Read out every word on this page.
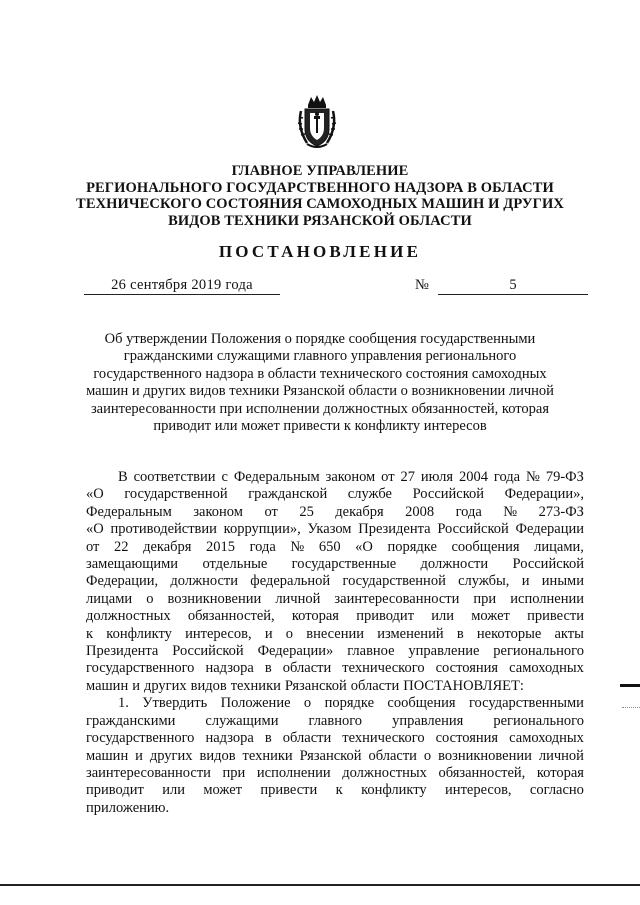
ГЛАВНОЕ УПРАВЛЕНИЕ
РЕГИОНАЛЬНОГО ГОСУДАРСТВЕННОГО НАДЗОРА В ОБЛАСТИ
ТЕХНИЧЕСКОГО СОСТОЯНИЯ САМОХОДНЫХ МАШИН И ДРУГИХ
ВИДОВ ТЕХНИКИ РЯЗАНСКОЙ ОБЛАСТИ
ПОСТАНОВЛЕНИЕ
26 сентября 2019 года	№	5
Об утверждении Положения о порядке сообщения государственными
гражданскими служащими главного управления регионального
государственного надзора в области технического состояния самоходных
машин и других видов техники Рязанской области о возникновении личной
заинтересованности при исполнении должностных обязанностей, которая
приводит или может привести к конфликту интересов
В соответствии с Федеральным законом от 27 июля 2004 года № 79-ФЗ
«О государственной гражданской службе Российской Федерации»,
Федеральным законом от 25 декабря 2008 года № 273-ФЗ
«О противодействии коррупции», Указом Президента Российской Федерации
от 22 декабря 2015 года № 650 «О порядке сообщения лицами,
замещающими отдельные государственные должности Российской
Федерации, должности федеральной государственной службы, и иными
лицами о возникновении личной заинтересованности при исполнении
должностных обязанностей, которая приводит или может привести
к конфликту интересов, и о внесении изменений в некоторые акты
Президента Российской Федерации» главное управление регионального
государственного надзора в области технического состояния самоходных
машин и других видов техники Рязанской области ПОСТАНОВЛЯЕТ:
1. Утвердить Положение о порядке сообщения государственными
гражданскими служащими главного управления регионального
государственного надзора в области технического состояния самоходных
машин и других видов техники Рязанской области о возникновении личной
заинтересованности при исполнении должностных обязанностей, которая
приводит или может привести к конфликту интересов, согласно
приложению.
